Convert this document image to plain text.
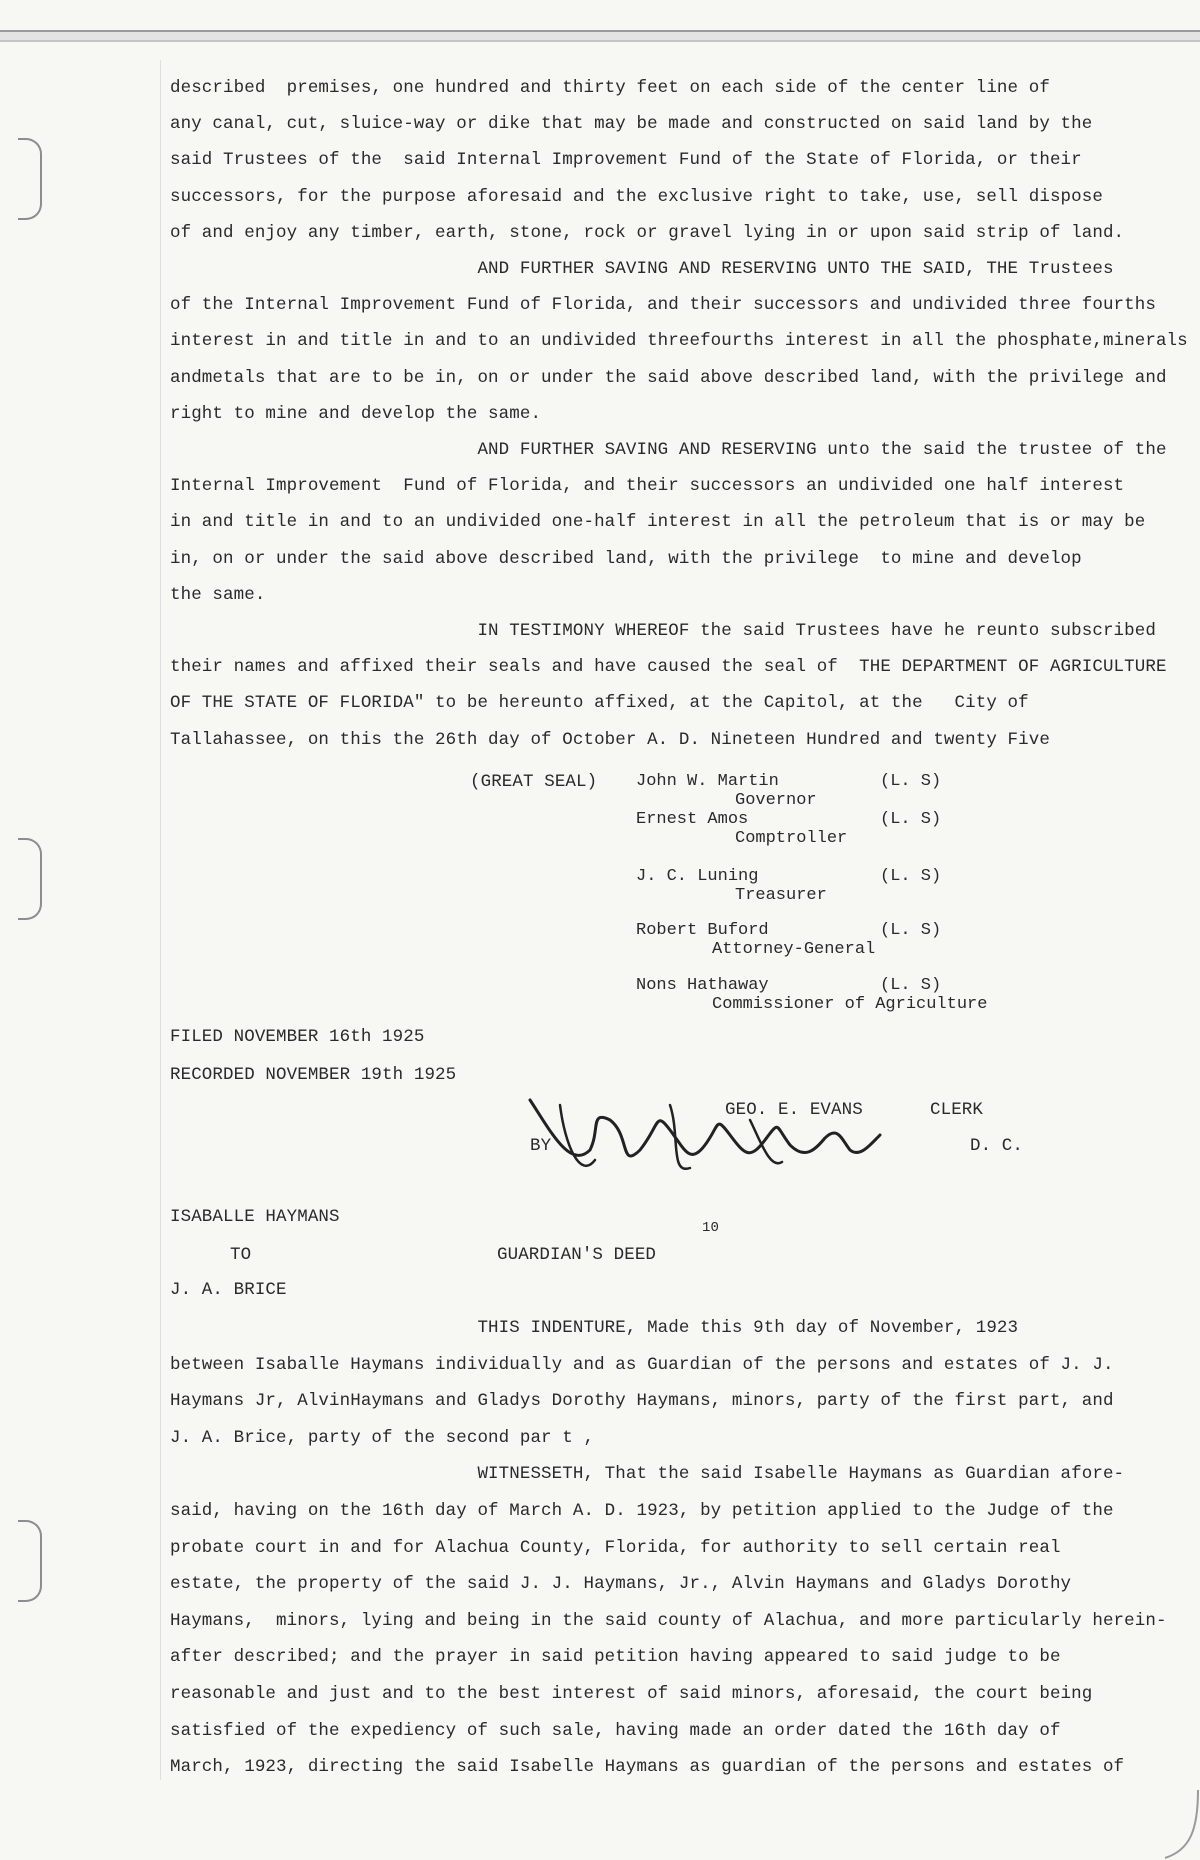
described  premises, one hundred and thirty feet on each side of the center line of
any canal, cut, sluice-way or dike that may be made and constructed on said land by the
said Trustees of the  said Internal Improvement Fund of the State of Florida, or their
successors, for the purpose aforesaid and the exclusive right to take, use, sell dispose
of and enjoy any timber, earth, stone, rock or gravel lying in or upon said strip of land.
AND FURTHER SAVING AND RESERVING UNTO THE SAID, THE Trustees
of the Internal Improvement Fund of Florida, and their successors and undivided three fourths
interest in and title in and to an undivided threefourths interest in all the phosphate,minerals
andmetals that are to be in, on or under the said above described land, with the privilege and
right to mine and develop the same.
AND FURTHER SAVING AND RESERVING unto the said the trustee of the
Internal Improvement  Fund of Florida, and their successors an undivided one half interest
in and title in and to an undivided one-half interest in all the petroleum that is or may be
in, on or under the said above described land, with the privilege  to mine and develop
the same.
IN TESTIMONY WHEREOF the said Trustees have he reunto subscribed
their names and affixed their seals and have caused the seal of  THE DEPARTMENT OF AGRICULTURE
OF THE STATE OF FLORIDA" to be hereunto affixed, at the Capitol, at the   City of
Tallahassee, on this the 26th day of October A. D. Nineteen Hundred and twenty Five
(GREAT SEAL) John W. Martin	(L. S)
Governor
Ernest Amos	(L. S)
Comptroller
J. C. Luning	(L. S)
Treasurer
Robert Buford	(L. S)
Attorney-General
Nons Hathaway	(L. S)
Commissioner of Agriculture
FILED NOVEMBER 16th 1925
RECORDED NOVEMBER 19th 1925
GEO. E. EVANS	CLERK
BY	D. C.
10
ISABALLE HAYMANS
TO	GUARDIAN'S DEED
J. A. BRICE
THIS INDENTURE, Made this 9th day of November, 1923
between Isaballe Haymans individually and as Guardian of the persons and estates of J. J.
Haymans Jr, AlvinHaymans and Gladys Dorothy Haymans, minors, party of the first part, and
J. A. Brice, party of the second par t ,
WITNESSETH, That the said Isabelle Haymans as Guardian afore-
said, having on the 16th day of March A. D. 1923, by petition applied to the Judge of the
probate court in and for Alachua County, Florida, for authority to sell certain real
estate, the property of the said J. J. Haymans, Jr., Alvin Haymans and Gladys Dorothy
Haymans,  minors, lying and being in the said county of Alachua, and more particularly herein-
after described; and the prayer in said petition having appeared to said judge to be
reasonable and just and to the best interest of said minors, aforesaid, the court being
satisfied of the expediency of such sale, having made an order dated the 16th day of
March, 1923, directing the said Isabelle Haymans as guardian of the persons and estates of
